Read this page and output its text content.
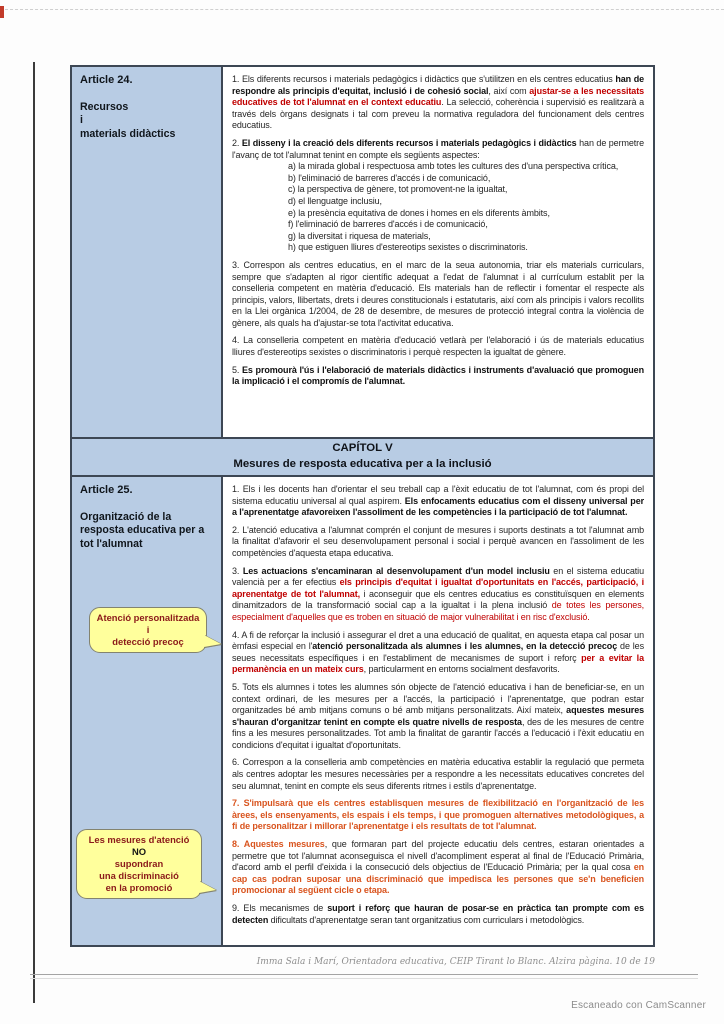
Article 24.
Recursos
i
materials didàctics

1. Els diferents recursos i materials pedagògics i didàctics que s'utilitzen en els centres educatius han de respondre als principis d'equitat, inclusió i de cohesió social, així com ajustar-se a les necessitats educatives de tot l'alumnat en el context educatiu. La selecció, coherència i supervisió es realitzarà a través dels òrgans designats i tal com preveu la normativa reguladora del funcionament dels centres educatius.

2. El disseny i la creació dels diferents recursos i materials pedagògics i didàctics han de permetre l'avanç de tot l'alumnat tenint en compte els següents aspectes:

a) la mirada global i respectuosa amb totes les cultures des d'una perspectiva crítica,
b) l'eliminació de barreres d'accés i de comunicació,
c) la perspectiva de gènere, tot promovent-ne la igualtat,
d) el llenguatge inclusiu,
e) la presència equitativa de dones i homes en els diferents àmbits,
f) l'eliminació de barreres d'accés i de comunicació,
g) la diversitat i riquesa de materials,
h) que estiguen lliures d'estereotips sexistes o discriminatoris.

3. Correspon als centres educatius, en el marc de la seua autonomia, triar els materials curriculars, sempre que s'adapten al rigor científic adequat a l'edat de l'alumnat i al currículum establit per la conselleria competent en matèria d'educació. Els materials han de reflectir i fomentar el respecte als principis, valors, llibertats, drets i deures constitucionals i estatutaris, així com als principis i valors recollits en la Llei orgànica 1/2004, de 28 de desembre, de mesures de protecció integral contra la violència de gènere, als quals ha d'ajustar-se tota l'activitat educativa.

4. La conselleria competent en matèria d'educació vetlarà per l'elaboració i ús de materials educatius lliures d'estereotips sexistes o discriminatoris i perquè respecten la igualtat de gènere.

5. Es promourà l'ús i l'elaboració de materials didàctics i instruments d'avaluació que promoguen la implicació i el compromís de l'alumnat.

CAPÍTOL V
Mesures de resposta educativa per a la inclusió
Article 25.
Organització de la resposta educativa per a tot l'alumnat
Atenció personalitzada
i
detecció precoç
Les mesures d'atenció
NO
supondran
una discriminació
en la promoció

1. Els i les docents han d'orientar el seu treball cap a l'èxit educatiu de tot l'alumnat, com és propi del sistema educatiu universal al qual aspirem. Els enfocaments educatius com el disseny universal per a l'aprenentatge afavoreixen l'assoliment de les competències i la participació de tot l'alumnat.

2. L'atenció educativa a l'alumnat comprén el conjunt de mesures i suports destinats a tot l'alumnat amb la finalitat d'afavorir el seu desenvolupament personal i social i perquè avancen en l'assoliment de les competències d'aquesta etapa educativa.

3. Les actuacions s'encaminaran al desenvolupament d'un model inclusiu en el sistema educatiu valencià per a fer efectius els principis d'equitat i igualtat d'oportunitats en l'accés, participació, i aprenentatge de tot l'alumnat, i aconseguir que els centres educatius es constituïsquen en elements dinamitzadors de la transformació social cap a la igualtat i la plena inclusió de totes les persones, especialment d'aquelles que es troben en situació de major vulnerabilitat i en risc d'exclusió.

4. A fi de reforçar la inclusió i assegurar el dret a una educació de qualitat, en aquesta etapa cal posar un èmfasi especial en l'atenció personalitzada als alumnes i les alumnes, en la detecció precoç de les seues necessitats específiques i en l'establiment de mecanismes de suport i reforç per a evitar la permanència en un mateix curs, particularment en entorns socialment desfavorits.

5. Tots els alumnes i totes les alumnes són objecte de l'atenció educativa i han de beneficiar-se, en un context ordinari, de les mesures per a l'accés, la participació i l'aprenentatge, que podran estar organitzades bé amb mitjans comuns o bé amb mitjans personalitzats. Així mateix, aquestes mesures s'hauran d'organitzar tenint en compte els quatre nivells de resposta, des de les mesures de centre fins a les mesures personalitzades. Tot amb la finalitat de garantir l'accés a l'educació i l'èxit educatiu en condicions d'equitat i igualtat d'oportunitats.

6. Correspon a la conselleria amb competències en matèria educativa establir la regulació que permeta als centres adoptar les mesures necessàries per a respondre a les necessitats educatives concretes del seu alumnat, tenint en compte els seus diferents ritmes i estils d'aprenentatge.

7. S'impulsarà que els centres establisquen mesures de flexibilització en l'organització de les àrees, els ensenyaments, els espais i els temps, i que promoguen alternatives metodològiques, a fi de personalitzar i millorar l'aprenentatge i els resultats de tot l'alumnat.

8. Aquestes mesures, que formaran part del projecte educatiu dels centres, estaran orientades a permetre que tot l'alumnat aconseguisca el nivell d'acompliment esperat al final de l'Educació Primària, d'acord amb el perfil d'eixida i la consecució dels objectius de l'Educació Primària; per la qual cosa en cap cas podran suposar una discriminació que impedisca les persones que se'n beneficien promocionar al següent cicle o etapa.

9. Els mecanismes de suport i reforç que hauran de posar-se en pràctica tan prompte com es detecten dificultats d'aprenentatge seran tant organitzatius com curriculars i metodològics.

Imma Sala i Marí, Orientadora educativa, CEIP Tirant lo Blanc. Alzira pàgina. 10 de 19
Escaneado con CamScanner
